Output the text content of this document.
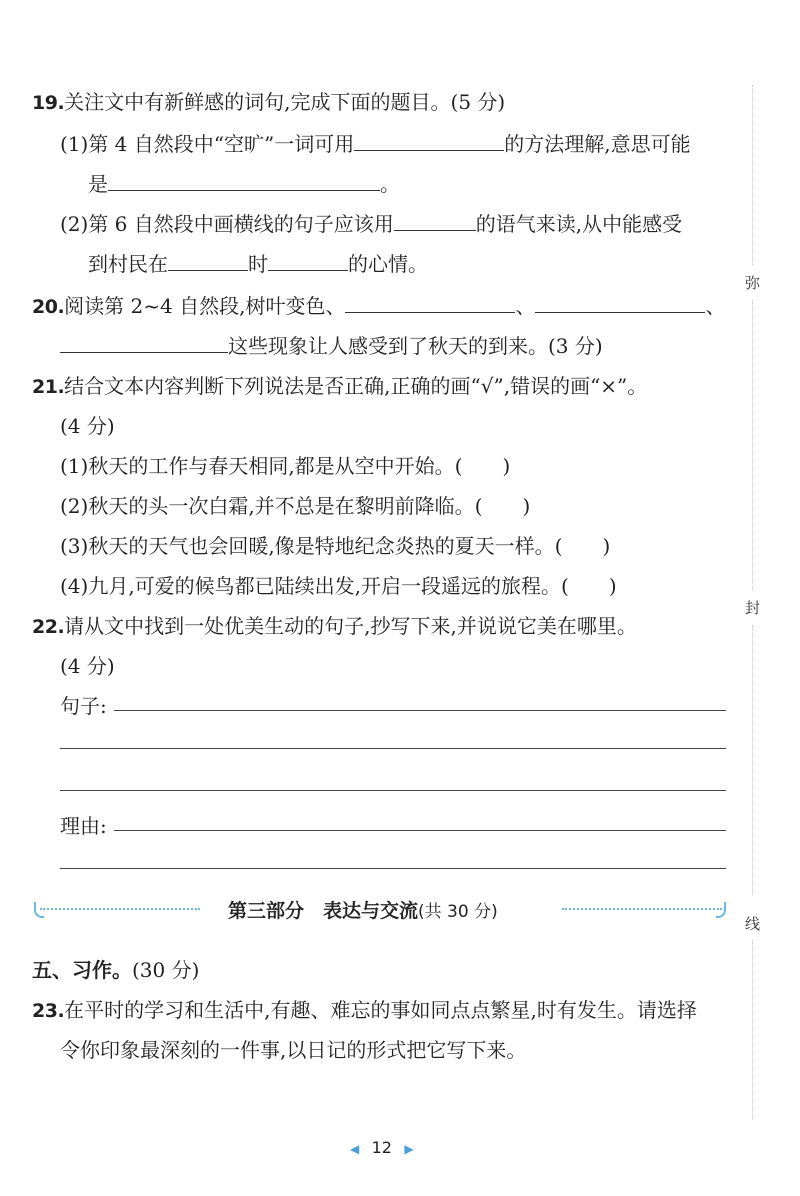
弥
封
线
19.关注文中有新鲜感的词句,完成下面的题目。(5 分)
(1)第 4 自然段中“空旷”一词可用	的方法理解,意思可能
是	。
(2)第 6 自然段中画横线的句子应该用	的语气来读,从中能感受
到村民在	时	的心情。
20.阅读第 2~4 自然段,树叶变色、	、	、
这些现象让人感受到了秋天的到来。(3 分)
21.结合文本内容判断下列说法是否正确,正确的画“√”,错误的画“×”。
(4 分)
(1)秋天的工作与春天相同,都是从空中开始。(　　)
(2)秋天的头一次白霜,并不总是在黎明前降临。(　　)
(3)秋天的天气也会回暖,像是特地纪念炎热的夏天一样。(　　)
(4)九月,可爱的候鸟都已陆续出发,开启一段遥远的旅程。(　　)
22.请从文中找到一处优美生动的句子,抄写下来,并说说它美在哪里。
(4 分)
句子:
理由:
第三部分　表达与交流(共 30 分)
五、习作。(30 分)
23.在平时的学习和生活中,有趣、难忘的事如同点点繁星,时有发生。请选择
令你印象最深刻的一件事,以日记的形式把它写下来。
◀ 12 ▶
